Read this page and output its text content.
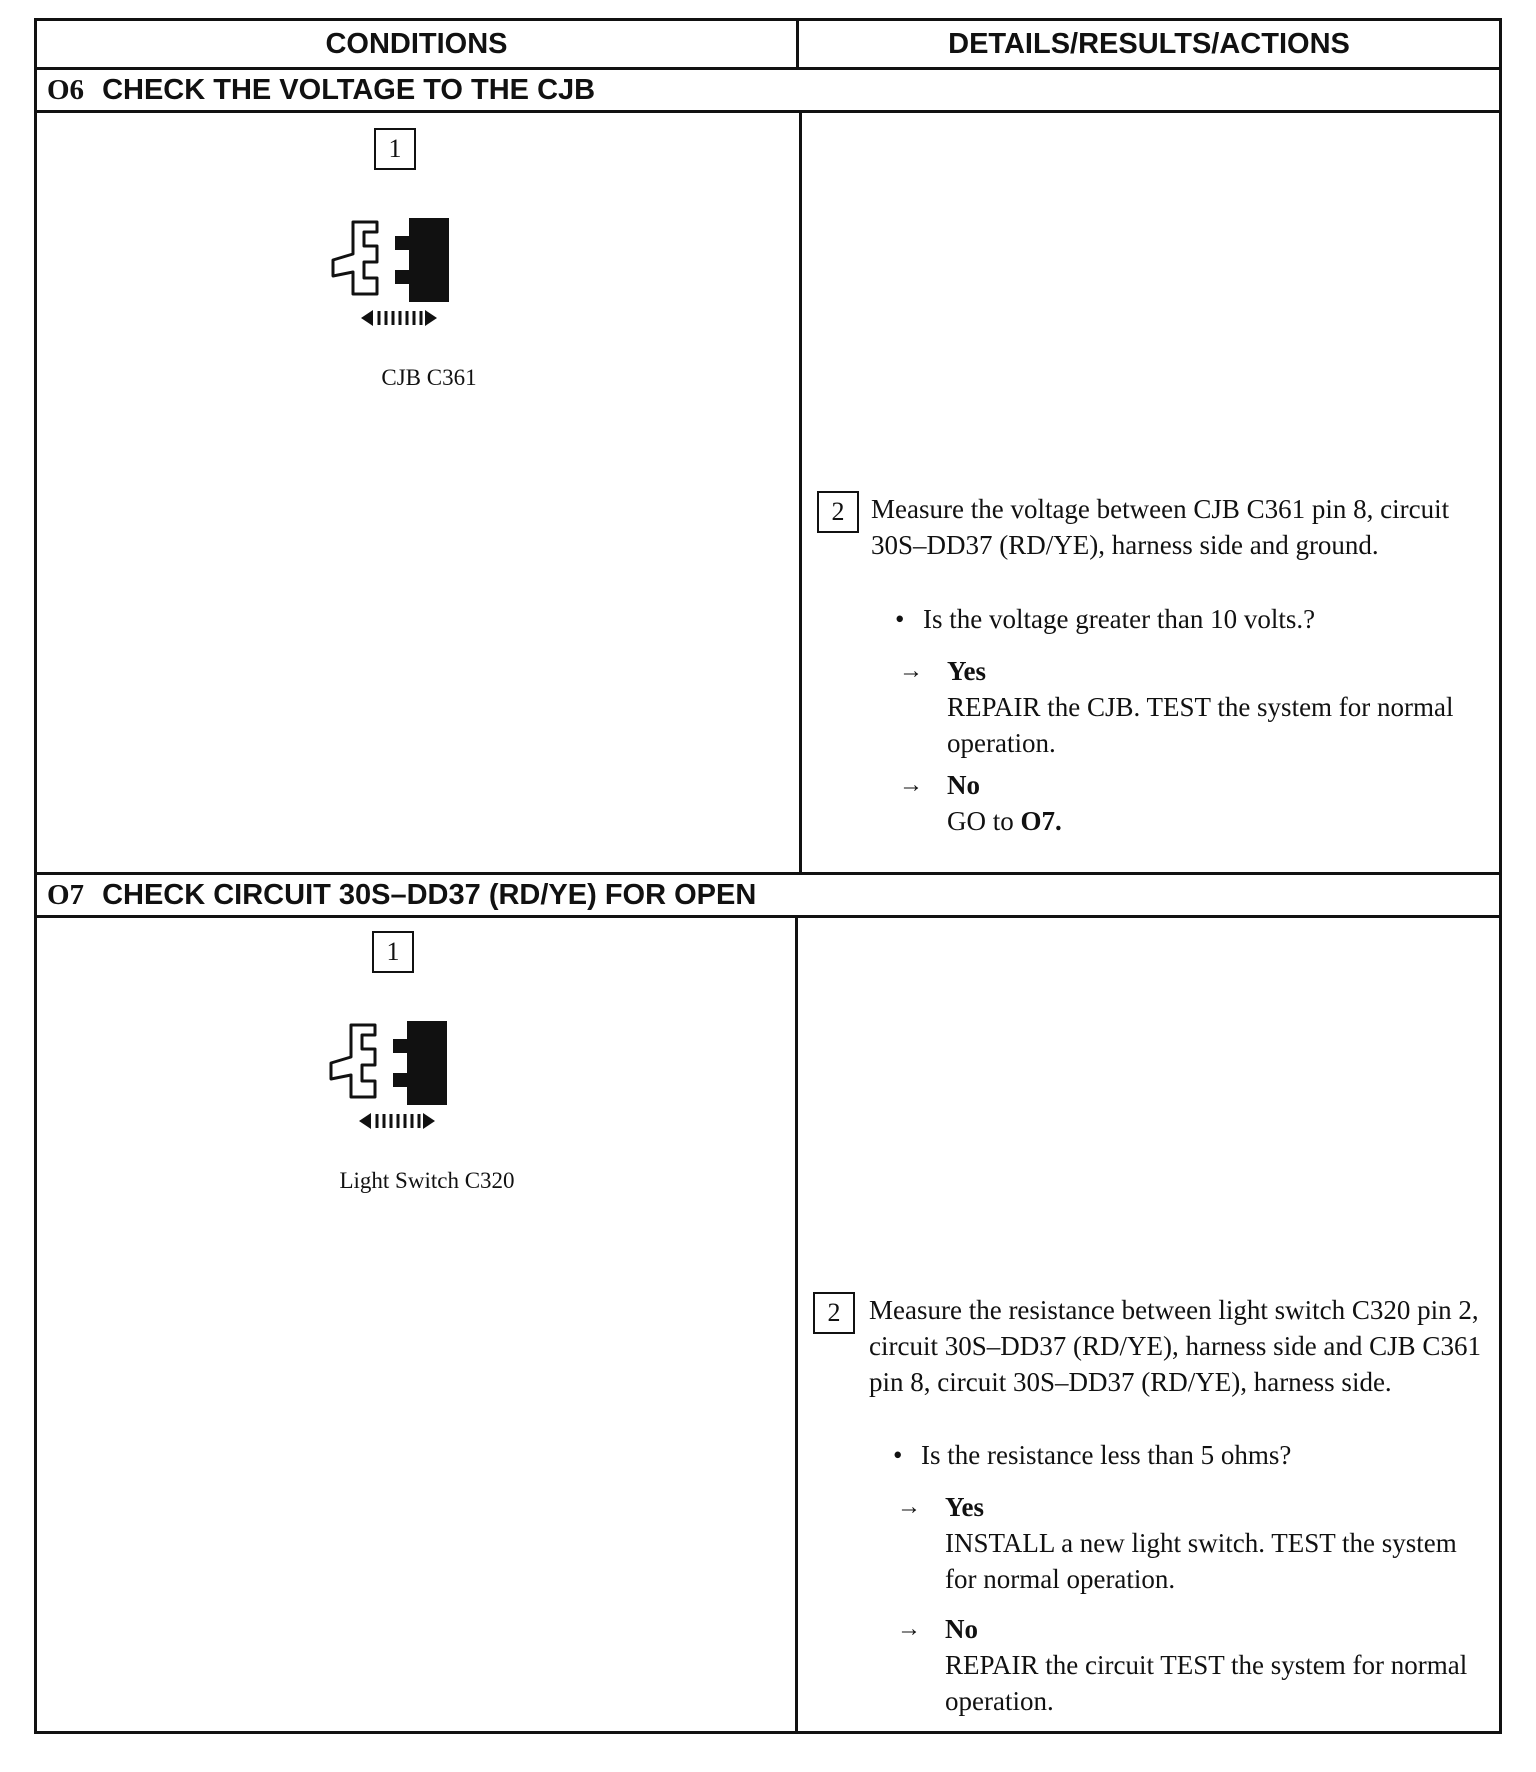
CONDITIONS	DETAILS/RESULTS/ACTIONS
O6 CHECK THE VOLTAGE TO THE CJB
1
CJB C361
2 Measure the voltage between CJB C361 pin 8, circuit 30S–DD37 (RD/YE), harness side and ground.
• Is the voltage greater than 10 volts.?
→ Yes
REPAIR the CJB. TEST the system for normal operation.
→ No
GO to O7.
O7 CHECK CIRCUIT 30S–DD37 (RD/YE) FOR OPEN
1
Light Switch C320
2	Measure the resistance between light switch C320 pin 2, circuit 30S–DD37 (RD/YE), harness side and CJB C361 pin 8, circuit 30S–DD37 (RD/YE), harness side.
• Is the resistance less than 5 ohms?
→ Yes
INSTALL a new light switch. TEST the system for normal operation.
→ No
REPAIR the circuit TEST the system for normal operation.
